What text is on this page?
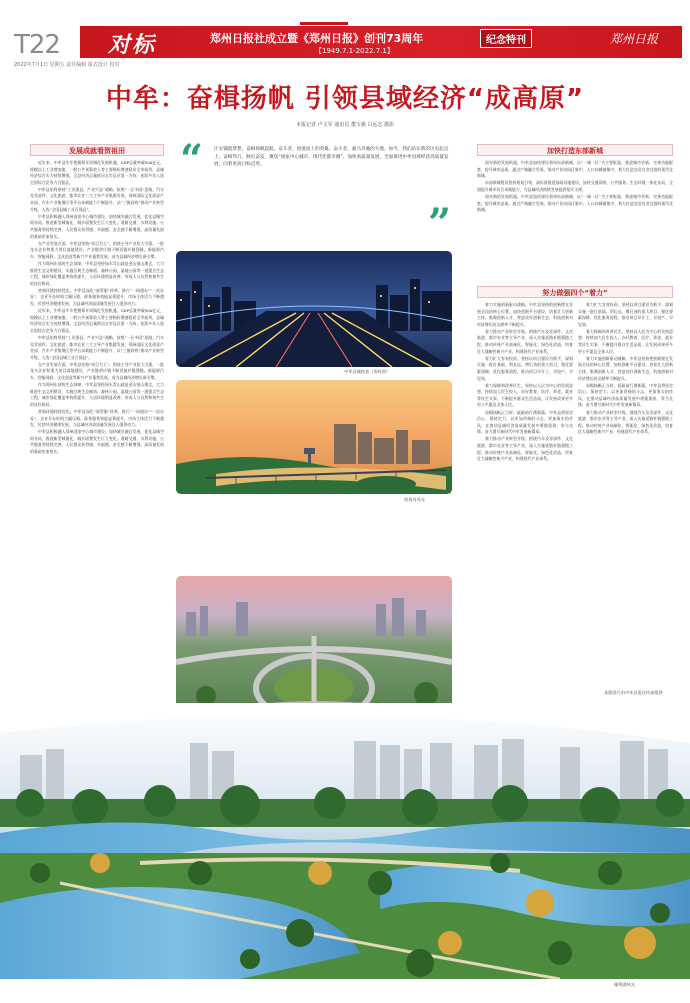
T22
2022年7月1日 星期五 责任编辑 版式设计 校对
对标	郑州日报社成立暨《郑州日报》创刊73周年
【1949.7.1-2022.7.1】
纪念特刊	郑州日报
中牟：奋楫扬帆 引领县域经济“成高原”
本报记者 卢文军 通讯员 董宝强 吕远志 摄影
发展成就看贺祖田

近年来，中牟县牢牢把握郑开同城化发展机遇，GDP总量突破500亿元，规模以上工业增加值、一般公共预算收入等主要指标增速稳居全市前列，县域经济综合实力持续增强。全县经济总量跃居全市县区第一方阵，连续多年入选全国综合竞争力百强县。

中牟县始终坚持“工业强县、产业兴县”战略，按照“一区多园”思路，汽车及零部件、文化旅游、都市农业三大主导产业集群发展，郑州国际文化创意产业园、汽车产业集聚区等平台承载能力不断提升，以“三链同构”推动产业转型升级，入选“全国县域工业百强县”。

中牟县积极融入郑州国家中心城市建设，加快城乡融合发展，优化县城空间布局，推进新型城镇化，城乡面貌发生巨大变化。道路交通、水利设施、公共服务等持续完善，人民群众获得感、幸福感、安全感不断增强，高质量发展的基础更加坚实。

在产业发展方面，中牟县坚持“项目为王”，围绕主导产业招大引强，一批龙头企业和重大项目落地建设，产业链供应链不断延链补链强链。新能源汽车、智能网联、文化创意等新兴产业蓬勃发展，成为县域经济增长新引擎。

作为郑州东部的生态屏障，中牟县坚持绿水青山就是金山银山理念，大力推进生态文明建设，实施沿黄生态廊道、森林公园、湿地公园等一批重点生态工程，城市绿化覆盖率持续提升，人居环境明显改善，形成人与自然和谐共生的良好格局。

营商环境持续优化。中牟县深化“放管服”改革，推行“一网通办”“一次办妥”，企业开办时间大幅压缩，政务服务效能显著提升，市场主体活力不断激发，民营经济健康发展，为县域经济高质量发展注入强劲动力。

近年来，中牟县牢牢把握郑开同城化发展机遇，GDP总量突破500亿元，规模以上工业增加值、一般公共预算收入等主要指标增速稳居全市前列，县域经济综合实力持续增强。全县经济总量跃居全市县区第一方阵，连续多年入选全国综合竞争力百强县。

中牟县始终坚持“工业强县、产业兴县”战略，按照“一区多园”思路，汽车及零部件、文化旅游、都市农业三大主导产业集群发展，郑州国际文化创意产业园、汽车产业集聚区等平台承载能力不断提升，以“三链同构”推动产业转型升级，入选“全国县域工业百强县”。

在产业发展方面，中牟县坚持“项目为王”，围绕主导产业招大引强，一批龙头企业和重大项目落地建设，产业链供应链不断延链补链强链。新能源汽车、智能网联、文化创意等新兴产业蓬勃发展，成为县域经济增长新引擎。

作为郑州东部的生态屏障，中牟县坚持绿水青山就是金山银山理念，大力推进生态文明建设，实施沿黄生态廊道、森林公园、湿地公园等一批重点生态工程，城市绿化覆盖率持续提升，人居环境明显改善，形成人与自然和谐共生的良好格局。

营商环境持续优化。中牟县深化“放管服”改革，推行“一网通办”“一次办妥”，企业开办时间大幅压缩，政务服务效能显著提升，市场主体活力不断激发，民营经济健康发展，为县域经济高质量发展注入强劲动力。

中牟县积极融入郑州国家中心城市建设，加快城乡融合发展，优化县城空间布局，推进新型城镇化，城乡面貌发生巨大变化。道路交通、水利设施、公共服务等持续完善，人民群众获得感、幸福感、安全感不断增强，高质量发展的基础更加坚实。

“	汗水铺就梦想，奋楫扬帆起航。奋斗者，逆流而上的英雄。奋斗者，骏马奔驰的大地。如今，我们站在新的历史起点上，奋楫笃行、踔厉奋发，聚焦“国家中心城市、现代化都市圈”，加快高质量发展，全面推进中牟县域经济高质量发展，向着更高目标迈进。
”
中牟县城夜景（资料图）
贾鲁河风光
加快打造东部新城

面对新的发展机遇，中牟县加快建设郑州东部新城，以“一城一区”为主要框架，推进城市更新，完善功能配套，提升城市品质。通过产城融合发展，推动产业向园区集中、人口向城镇集中，着力打造宜居宜业宜游的现代化新城。

东部新城建设坚持规划引领，高标准推进基础设施建设，加快交通网络、公共服务、生态环境一体化布局，全面提升城市综合承载能力，为县域经济持续发展提供坚实支撑。

面对新的发展机遇，中牟县加快建设郑州东部新城，以“一城一区”为主要框架，推进城市更新，完善功能配套，提升城市品质。通过产城融合发展，推动产业向园区集中、人口向城镇集中，着力打造宜居宜业宜游的现代化新城。

努力做强四个“着力”

着力实施创新驱动战略。中牟县坚持把创新摆在发展全局的核心位置，加快创新平台建设，培育壮大创新主体，集聚创新人才，营造良好创新生态，科技创新对经济增长的贡献率不断提升。

着力推动产业转型升级。围绕汽车及零部件、文化旅游、都市农业等主导产业，深入实施延链补链强链工程，推动传统产业高端化、智能化、绿色化改造，培育壮大战略性新兴产业，构建现代产业体系。

着力扩大有效投资。坚持以项目建设为抓手，谋划实施一批打基础、利长远、增后劲的重大项目，强化要素保障，优化服务流程，推动项目早开工、早投产、早见效。

着力保障和改善民生。坚持以人民为中心的发展思想，持续加大民生投入，办好教育、医疗、养老、就业等民生实事，不断提升群众生活品质，让发展成果更多更公平惠及全体人民。

奋楫扬帆正当时，砥砺前行谱新篇。中牟县将坚定信心、保持定力，以更加昂扬的斗志、更加务实的作风，在推动县域经济高质量发展中勇挑重担、争当先锋，奋力谱写新时代中牟发展新篇章。

着力推动产业转型升级。围绕汽车及零部件、文化旅游、都市农业等主导产业，深入实施延链补链强链工程，推动传统产业高端化、智能化、绿色化改造，培育壮大战略性新兴产业，构建现代产业体系。

着力扩大有效投资。坚持以项目建设为抓手，谋划实施一批打基础、利长远、增后劲的重大项目，强化要素保障，优化服务流程，推动项目早开工、早投产、早见效。

着力保障和改善民生。坚持以人民为中心的发展思想，持续加大民生投入，办好教育、医疗、养老、就业等民生实事，不断提升群众生活品质，让发展成果更多更公平惠及全体人民。

着力实施创新驱动战略。中牟县坚持把创新摆在发展全局的核心位置，加快创新平台建设，培育壮大创新主体，集聚创新人才，营造良好创新生态，科技创新对经济增长的贡献率不断提升。

奋楫扬帆正当时，砥砺前行谱新篇。中牟县将坚定信心、保持定力，以更加昂扬的斗志、更加务实的作风，在推动县域经济高质量发展中勇挑重担、争当先锋，奋力谱写新时代中牟发展新篇章。

着力推动产业转型升级。围绕汽车及零部件、文化旅游、都市农业等主导产业，深入实施延链补链强链工程，推动传统产业高端化、智能化、绿色化改造，培育壮大战略性新兴产业，构建现代产业体系。

本版图片由中牟县委宣传部提供
雁鸣湖风光
